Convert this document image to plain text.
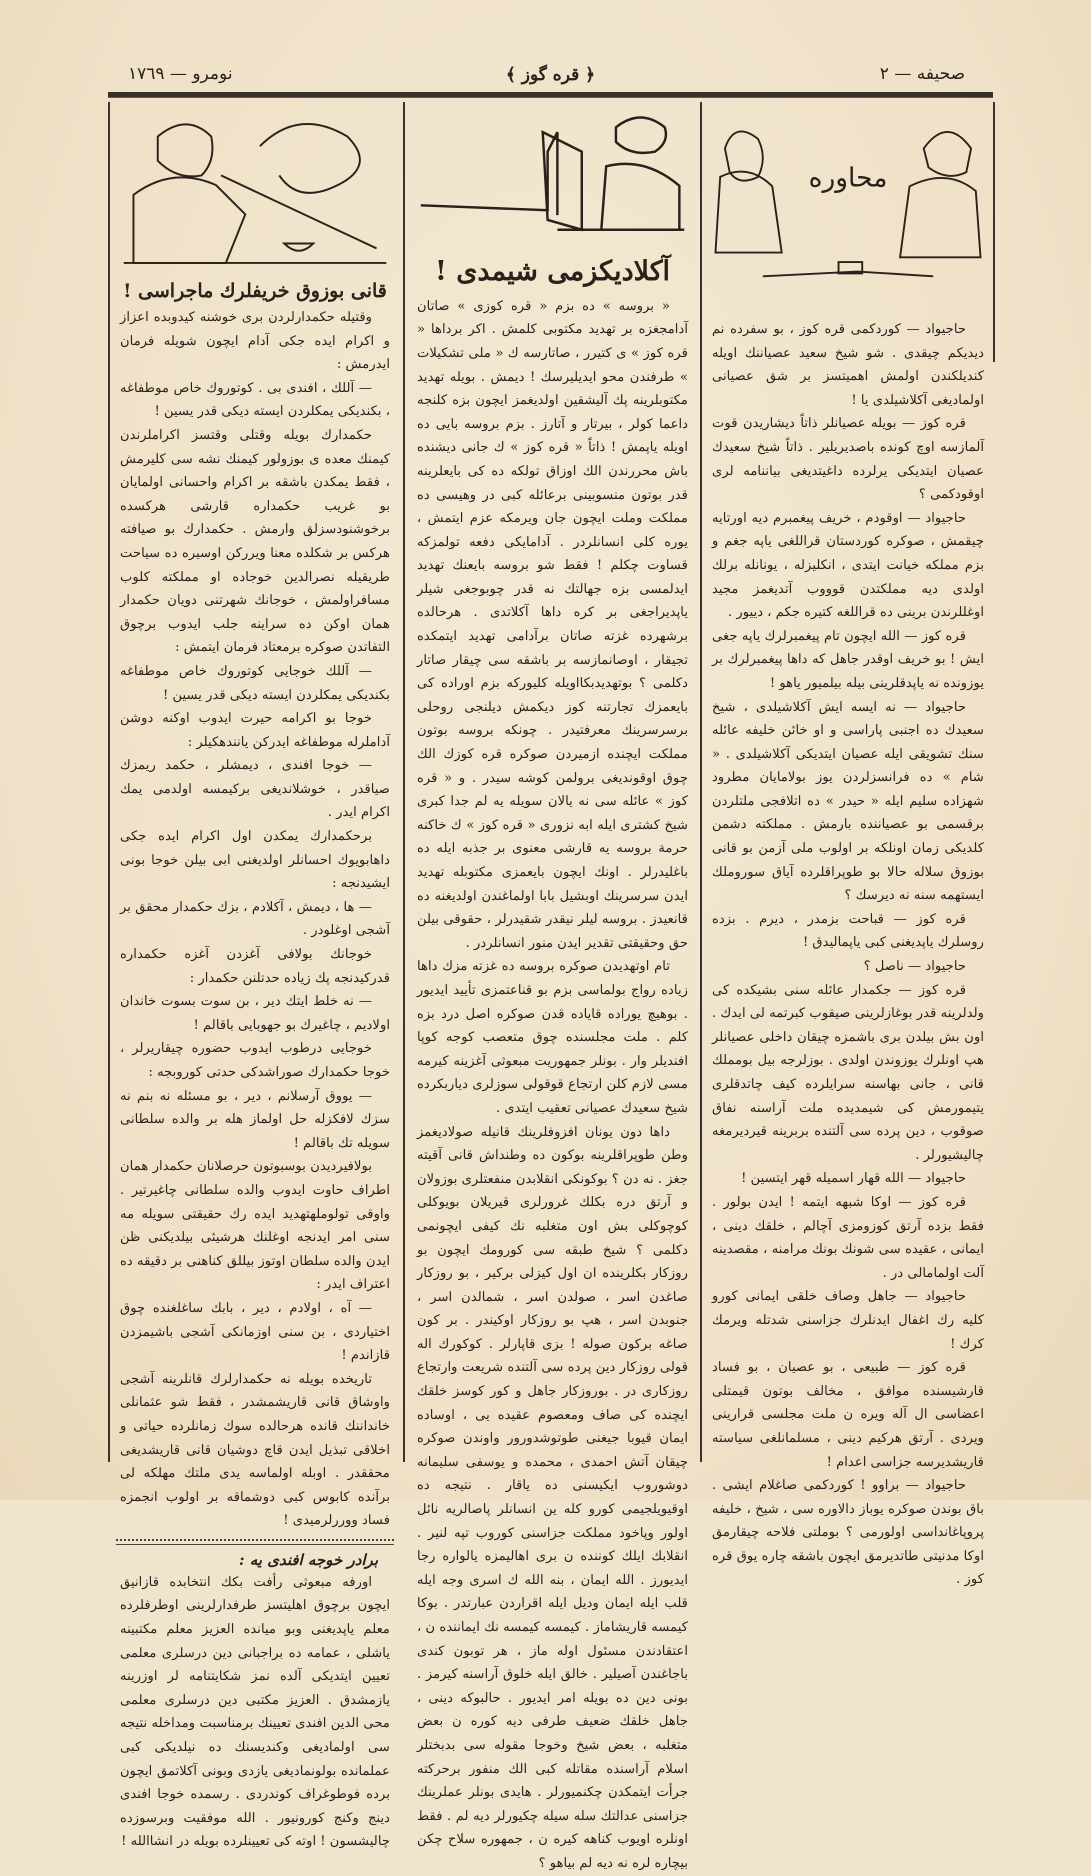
صحيفه — ٢
﴿ قره گوز ﴾
نومرو — ١٧٦٩
محاوره

حاجیواد — کوردکمی قره کوز ، بو سفرده نم دیدیکم چیقدی . شو شیخ سعید عصیاننك اویله کندیلکندن اولمش اهمیتسز بر شق عصیانی اولمادیغی آکلاشیلدی یا !

قره کوز — بویله عصیانلر ذاتاً دیشاریدن قوت آلمازسه اوچ کونده باصدیریلیر . ذاتاً شیخ سعیدك عصیان ایتدیکی یرلرده داغیتدیغی بیاننامه لری اوقودکمی ؟

حاجیواد — اوقودم ، خریف پیغمبرم دیه اورتایه چیقمش ، صوکره کوردستان قراللغی یاپه جغم و بزم مملکه خیانت ایتدی ، انکلیزله ، یونانله برلك اولدی دیه مملکتدن قوووب آتدیغمز مجید اوغللرندن برینی ده قراللغه کتیره جکم ، دییور .

قره کوز — الله ایچون تام پیغمبرلرك یاپه جغی ایش ! بو خریف اوقدر جاهل که داها پیغمبرلرك بر یوزونده نه یاپدقلرینی بیله بیلمیور یاهو !

حاجیواد — نه ایسه ایش آکلاشیلدی ، شیخ سعیدك ده اجنبی پاراسی و او خائن خلیفه عائله سنك تشویقی ایله عصیان ایتدیکی آکلاشیلدی . « شام » ده فرانسزلردن یوز بولامایان مطرود شهزاده سلیم ایله « حیدر » ده اتلافجی ملتلردن برقسمی بو عصیاننده بارمش . مملکته دشمن کلدیکی زمان اونلکه بر اولوب ملی آزمن بو قانی بوزوق سلاله حالا بو طوپراقلرده آیاق سوروملك ایستهمه سنه نه دیرسك ؟

قره کوز — قباحت بزمدر ، دیرم . بزده روسلرك یاپدیغنی کبی یاپمالیدق !

حاجیواد — ناصل ؟

قره کوز — جکمدار عائله سنی بشیکده کی ولدلرینه قدر بوغازلرینی صیقوب کبرتمه لی ایدك . اون بش بیلدن بری باشمزه چیقان داخلی عصیانلر هپ اونلرك یوزوندن اولدی . بوزلرجه بیل بومملك قانی ، جانی بهاسنه سرایلرده کیف چاتدقلری یتیمورمش کی شیمدیده ملت آراسنه نفاق صوقوب ، دین پرده سی آلتنده بربرینه قیردیرمغه چالیشیورلر .

حاجیواد — الله قهار اسمیله قهر ایتسین !

قره کوز — اوکا شبهه ایتمه ! ایدن بولور . فقط بزده آرتق کوزومزی آچالم ، خلقك دینی ، ایمانی ، عقیده سی شونك بونك مرامنه ، مقصدینه آلت اولمامالی در .

حاجیواد — جاهل وصاف خلقی ایمانی کورو کلیه رك اغفال ایدنلرك جزاسنی شدتله ویرمك کرك !

قره کوز — طبیعی ، بو عصیان ، بو فساد قارشیسنده موافق ، مخالف بوتون قیمتلی اعضاسی ال آله ویره ن ملت مجلسی قرارینی ویردی . آرتق هرکیم دینی ، مسلمانلغی سیاسته قاریشدیرسه جزاسی اعدام !

حاجیواد — براوو ! کوردکمی صاغلام ایشی . باق بوندن صوکره یوباز دالاوره سی ، شیخ ، خلیفه پروپاغانداسی اولورمی ؟ بوملتی فلاحه چیقارمق اوکا مدنیتی طاتدیرمق ایچون باشقه چاره یوق قره کوز .

آکلادیکزمی شیمدی !

« بروسه » ده بزم « قره کوزی » صاتان آدامجغزه بر تهدید مکتوبی کلمش . اکر برداها « قره کوز » ی کتیرر ، صاتارسه ك « ملی تشکیلات » طرفندن محو ایدیلیرسك ! دیمش . بویله تهدید مکتوبلرینه پك آلیشقین اولدیغمز ایچون بزه کلنجه داعما کولر ، بیرتار و آتارز . بزم بروسه بایی ده اویله یاپمش ! ذاتاً « قره کوز » ك جانی دیشنده باش محررندن الك اوزاق تولکه ده کی بایعلرینه قدر بوتون منسوبینی برعائله کبی در وهیسی ده مملکت وملت ایچون جان ویرمکه عزم ایتمش ، یوره کلی انسانلردر . آدامایکی دفعه تولمزکه قساوت چکلم ! فقط شو بروسه بایعنك تهدید ایدلمسی بزه جهالتك نه قدر چوبوجغی شیلر یاپدیراجغی بر کره داها آکلاتدی . هرحالده برشهرده غزته صاتان برآدامی تهدید ایتمکده تجیقار ، اوصانمازسه بر باشقه سی چیقار صاتار دکلمی ؟ بوتهدیدبکااویله کلیورکه بزم اوراده کی بایعمزك تجارتنه کوز دیکمش دیلنجی روحلی برسرسرینك معرفتیدر . چونکه بروسه بوتون مملکت ایچنده ازمیردن صوکره قره کوزك الك چوق اوقوندیغی برولمن کوشه سیدر . و « قره کوز » عائله سی نه یالان سویله یه لم جدا کبری شیخ کشتری ایله ابه نزوری « قره کوز » ك خاکنه حرمة بروسه یه قارشی معنوی بر جذبه ایله ده باغلیدرلر . اونك ایچون بایعمزی مکتوبله تهدید ایدن سرسرینك اوبشیل بابا اولماغندن اولدیغنه ده قانعیدز . بروسه لیلر نیقدر شقیدرلر ، حقوقی بیلن حق وحقیقتی تقدیر ایدن منور انسانلردر .

تام اوتهدیدن صوکره بروسه ده غزته مزك داها زیاده رواج بولماسی بزم بو قناعتمزی تأیید ایدیور . بوهیچ یوراده قایاده قدن صوکره اصل درد بزه کلم . ملت مجلسنده چوق متعصب کوجه کوپا افندیلر وار . بونلر جمهوریت مبعوثی آغزینه کیرمه مسی لازم کلن ارتجاع قوقولی سوزلری دیاربکرده شیخ سعیدك عصیانی تعقیب ایتدی .

داها دون یونان افزوفلرینك قانیله صولادیغمز وطن طوپراقلرینه بوکون ده وطنداش قانی آقیته جغز . نه دن ؟ بوکونکی انقلابدن منفعتلری بوزولان و آرتق دره بکلك غرورلری قیریلان بویوکلی کوچوکلی بش اون متغلبه نك کیفی ایچونمی دکلمی ؟ شیخ طبقه سی کورومك ایچون بو روزکار بکلرینده ان اول کیزلی برکیر ، بو روزکار صاغدن اسر ، صولدن اسر ، شمالدن اسر ، جنوبدن اسر ، هپ بو روزکار اوکیندر . بر کون صاغه برکون صوله ! بزی قاپارلر . کوکورك اله قولی روزکار دین پرده سی آلتنده شریعت وارتجاع روزکاری در . بوروزکار جاهل و کور کوسز خلقك ایچنده کی صاف ومعصوم عقیده یی ، اوساده ایمان قیوبا جیغنی طوتوشدورور واوندن صوکره چیقان آتش احمدی ، محمده و یوسفی سلیمانه دوشوروب ایکیسنی ده یاقار . نتیجه ده اوقیویلجیمی کورو کله ین انسانلر پاصالریه نائل اولور وپاخود مملکت جزاسنی کوروب تپه لنیر . انقلابك ایلك کوننده ن بری اهالیمزه یالواره رجا ایدیورز . الله ایمان ، بنه الله ك اسری وجه ایله قلب ایله ایمان ودیل ایله اقراردن عبارتدر . بوکا کیمسه قاریشاماز . کیمسه کیمسه نك ایماننده ن ، اعتقادندن مسئول اوله ماز ، هر توبون کندی باجاغندن آصیلیر . خالق ایله خلوق آراسنه کیرمز . بونی دین ده بویله امر ایدیور . حالبوکه دینی ، جاهل خلقك ضعیف طرفی دیه کوره ن بعض متغلبه ، بعض شیخ وخوجا مقوله سی بدبختلر اسلام آراسنده مقاتله کبی الك منفور برحرکته جرأت ایتمکدن چکنمیورلر . هایدی بونلر عملرینك جزاسنی عدالتك سله سیله چکیورلر دیه لم . فقط اونلره اویوب کناهه کیره ن ، جمهوره سلاح چکن بیچاره لره نه دیه لم بیاهو ؟

قانی بوزوق خریفلرك ماجراسی !

وقتیله حکمدارلردن بری خوشنه کیدوبده اعزاز و اکرام ایده جکی آدام ایچون شویله فرمان ایدرمش :

— آللك ، افندی بی . کوتوروك خاص موطفاغه ، بکندیکی یمکلردن ایسته دیکی قدر یسین !

حکمدارك بویله وقتلی وقتسز اکراملرندن کیمنك معده ی بوزولور کیمنك نشه سی کلیرمش ، فقط یمکدن باشقه بر اکرام واحسانی اولمایان بو غریب حکمداره قارشی هرکسده برخوشنودسزلق وارمش . حکمدارك بو صیافته هرکس بر شکلده معنا ویررکن اوسیره ده سیاحت طریقیله نصرالدین خوجاده او مملکته کلوب مسافراولمش ، خوجانك شهرتنی دویان حکمدار همان اوکن ده سراینه جلب ایدوب برچوق التفاتدن صوکره برمعتاد فرمان ایتمش :

— آللك خوجایی کوتوروك خاص موطفاغه بکندیکی یمکلردن ایسته دیکی قدر یسین !

خوجا بو اکرامه حیرت ایدوب اوکنه دوشن آداملرله موطفاغه ایدرکن یانندهکیلر :

— خوجا افندی ، دیمشلر ، حکمد ریمزك صیاقدر ، خوشلاندیغی برکیمسه اولدمی یمك اکرام ایدر .

برحکمدارك یمکدن اول اکرام ایده جکی داهابویوك احسانلر اولدیغنی ابی بیلن خوجا بونی ایشیدنجه :

— ها ، دیمش ، آکلادم ، بزك حکمدار محقق بر آشجی اوغلودر .

خوجانك بولافی آغزدن آغزه حکمداره قدرکیدنجه پك زیاده حدتلنن حکمدار :

— نه خلط ایتك دیر ، بن سوت بسوت خاندان اولادیم ، چاغیرك بو جهوبایی باقالم !

خوجایی درطوب ایدوب حضوره چیقاریرلر ، خوجا حکمدارك صوراشدكی حدتی کوروبجه :

— یووق آرسلانم ، دیر ، بو مسئله نه بنم نه سزك لافکزله حل اولماز هله بر والده سلطانی سویله تك باقالم !

بولافیردیدن بوسبوتون حرصلانان حکمدار همان اطراف حاوت ایدوب والده سلطانی چاغیرتیر . واوقی تولوملهتهدید ایده رك حقیقتی سویله مه سنی امر ایدنجه اوغلنك هرشیئی بیلدیکنی ظن ایدن والده سلطان اوتوز بیللق کناهنی بر دقیقه ده اعتراف ایدر :

— آه ، اولادم ، دیر ، بابك ساغلغنده چوق اختیاردی ، بن سنی اوزمانکی آشجی باشیمزدن قازاندم !

تاریخده بویله نه حکمدارلرك قانلرینه آشجی واوشاق قانی قاریشمشدر ، فقط شو عثمانلی خانداننك قانده هرحالده سوك زمانلرده حیاتی و اخلاقی تبذیل ایدن قاچ دوشیان قانی قاریشدیغی محققدر . اوبله اولماسه یدی ملتك مهلکه لی برآنده کابوس کبی دوشماقه بر اولوب انجمزه فساد ووررلرمیدی !

برادر خوجه افندی یه :

اورفه مبعوثی رأفت بکك انتخابده قازانیق ایچون برچوق اهلیتسز طرفدارلرینی اوطرفلرده معلم یاپدیغنی وبو میانده العزیز معلم مکتبینه یاشلی ، عمامه ده براجبانی دین درسلری معلمی تعیین ایتدیکی آلده نمز شکایتنامه لر اوزرینه یازمشدق . العزیز مکتبی دین درسلری معلمی محی الدین افندی تعیینك برمناسبت ومداخله نتیجه سی اولمادیغی وکندیسنك ده نیلدیکی کبی عملمانده بولونمادیغی یازدی وبونی آکلاتمق ایچون برده فوطوغراف کوندردی . رسمده خوجا افندی دینج وکنج کورونیور . الله موفقیت وبرسوزده چالیشسون ! اوته کی تعیینلرده بویله در انشاالله !
